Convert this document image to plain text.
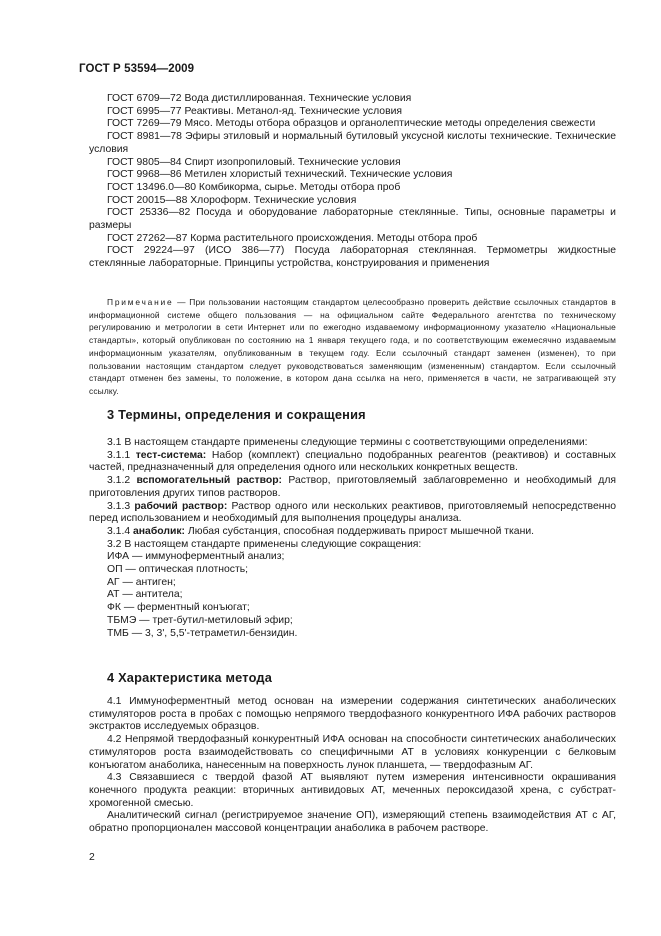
ГОСТ Р 53594—2009

ГОСТ 6709—72 Вода дистиллированная. Технические условия

ГОСТ 6995—77 Реактивы. Метанол-яд. Технические условия

ГОСТ 7269—79 Мясо. Методы отбора образцов и органолептические методы определения свежести

ГОСТ 8981—78 Эфиры этиловый и нормальный бутиловый уксусной кислоты технические. Технические условия

ГОСТ 9805—84 Спирт изопропиловый. Технические условия

ГОСТ 9968—86 Метилен хлористый технический. Технические условия

ГОСТ 13496.0—80 Комбикорма, сырье. Методы отбора проб

ГОСТ 20015—88 Хлороформ. Технические условия

ГОСТ 25336—82 Посуда и оборудование лабораторные стеклянные. Типы, основные параметры и размеры

ГОСТ 27262—87 Корма растительного происхождения. Методы отбора проб

ГОСТ 29224—97 (ИСО 386—77) Посуда лабораторная стеклянная. Термометры жидкостные стеклянные лабораторные. Принципы устройства, конструирования и применения

Примечание — При пользовании настоящим стандартом целесообразно проверить действие ссылочных стандартов в информационной системе общего пользования — на официальном сайте Федерального агентства по техническому регулированию и метрологии в сети Интернет или по ежегодно издаваемому информационному указателю «Национальные стандарты», который опубликован по состоянию на 1 января текущего года, и по соответствующим ежемесячно издаваемым информационным указателям, опубликованным в текущем году. Если ссылочный стандарт заменен (изменен), то при пользовании настоящим стандартом следует руководствоваться заменяющим (измененным) стандартом. Если ссылочный стандарт отменен без замены, то положение, в котором дана ссылка на него, применяется в части, не затрагивающей эту ссылку.

3 Термины, определения и сокращения

3.1 В настоящем стандарте применены следующие термины с соответствующими определениями:

3.1.1 тест-система: Набор (комплект) специально подобранных реагентов (реактивов) и составных частей, предназначенный для определения одного или нескольких конкретных веществ.

3.1.2 вспомогательный раствор: Раствор, приготовляемый заблаговременно и необходимый для приготовления других типов растворов.

3.1.3 рабочий раствор: Раствор одного или нескольких реактивов, приготовляемый непосредственно перед использованием и необходимый для выполнения процедуры анализа.

3.1.4 анаболик: Любая субстанция, способная поддерживать прирост мышечной ткани.

3.2 В настоящем стандарте применены следующие сокращения:

ИФА — иммуноферментный анализ;

ОП — оптическая плотность;

АГ — антиген;

АТ — антитела;

ФК — ферментный конъюгат;

ТБМЭ — трет-бутил-метиловый эфир;

ТМБ — 3, 3', 5,5'-тетраметил-бензидин.

4 Характеристика метода

4.1 Иммуноферментный метод основан на измерении содержания синтетических анаболических стимуляторов роста в пробах с помощью непрямого твердофазного конкурентного ИФА рабочих растворов экстрактов исследуемых образцов.

4.2 Непрямой твердофазный конкурентный ИФА основан на способности синтетических анаболических стимуляторов роста взаимодействовать со специфичными АТ в условиях конкуренции с белковым конъюгатом анаболика, нанесенным на поверхность лунок планшета, — твердофазным АГ.

4.3 Связавшиеся с твердой фазой АТ выявляют путем измерения интенсивности окрашивания конечного продукта реакции: вторичных антивидовых АТ, меченных пероксидазой хрена, с субстрат-хромогенной смесью.

Аналитический сигнал (регистрируемое значение ОП), измеряющий степень взаимодействия АТ с АГ, обратно пропорционален массовой концентрации анаболика в рабочем растворе.

2
